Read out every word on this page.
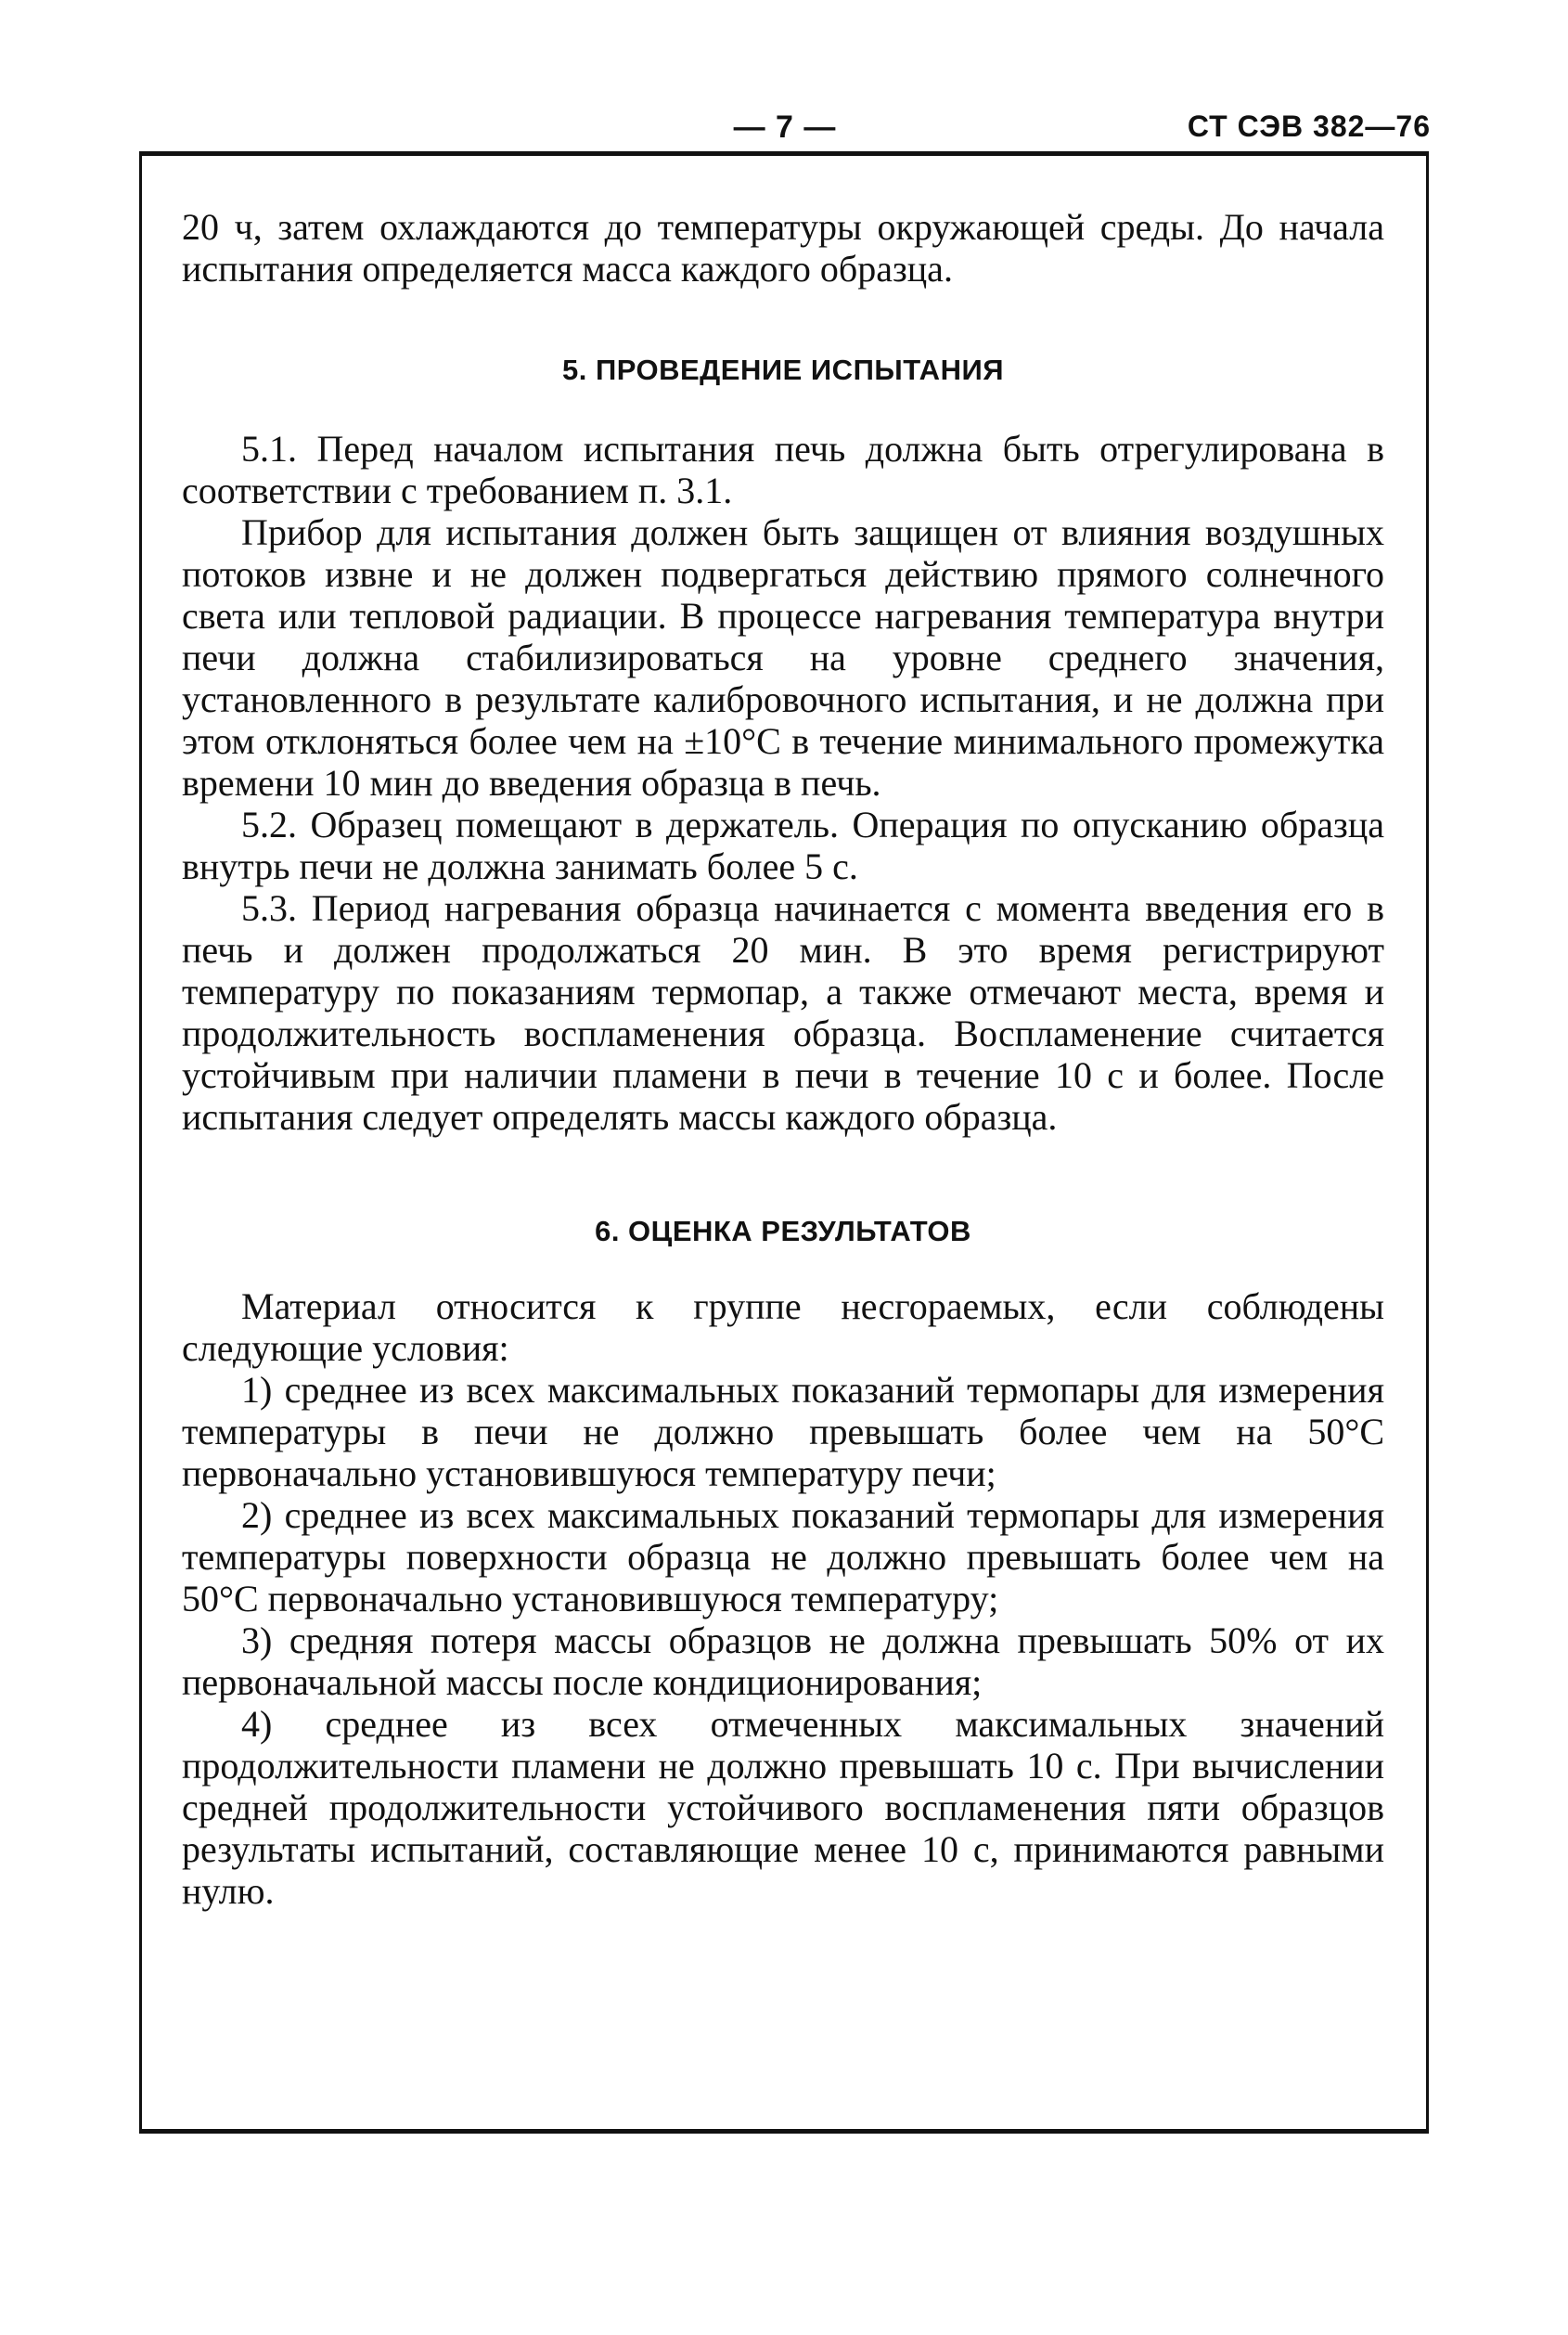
— 7 —	СТ СЭВ 382—76

20 ч, затем охлаждаются до температуры окружающей среды. До начала испытания определяется масса каждого образца.

5. ПРОВЕДЕНИЕ ИСПЫТАНИЯ

5.1. Перед началом испытания печь должна быть отрегулирована в соответствии с требованием п. 3.1.

Прибор для испытания должен быть защищен от влияния воздушных потоков извне и не должен подвергаться действию прямого солнечного света или тепловой радиации. В процессе нагревания температура внутри печи должна стабилизироваться на уровне среднего значения, установленного в результате калибровочного испытания, и не должна при этом отклоняться более чем на ±10°С в течение минимального промежутка времени 10 мин до введения образца в печь.

5.2. Образец помещают в держатель. Операция по опусканию образца внутрь печи не должна занимать более 5 с.

5.3. Период нагревания образца начинается с момента введения его в печь и должен продолжаться 20 мин. В это время регистрируют температуру по показаниям термопар, а также отмечают места, время и продолжительность воспламенения образца. Воспламенение считается устойчивым при наличии пламени в печи в течение 10 с и более. После испытания следует определять массы каждого образца.

6. ОЦЕНКА РЕЗУЛЬТАТОВ

Материал относится к группе несгораемых, если соблюдены следующие условия:

1) среднее из всех максимальных показаний термопары для измерения температуры в печи не должно превышать более чем на 50°С первоначально установившуюся температуру печи;

2) среднее из всех максимальных показаний термопары для измерения температуры поверхности образца не должно превышать более чем на 50°С первоначально установившуюся температуру;

3) средняя потеря массы образцов не должна превышать 50% от их первоначальной массы после кондиционирования;

4) среднее из всех отмеченных максимальных значений продолжительности пламени не должно превышать 10 с. При вычислении средней продолжительности устойчивого воспламенения пяти образцов результаты испытаний, составляющие менее 10 с, принимаются равными нулю.
